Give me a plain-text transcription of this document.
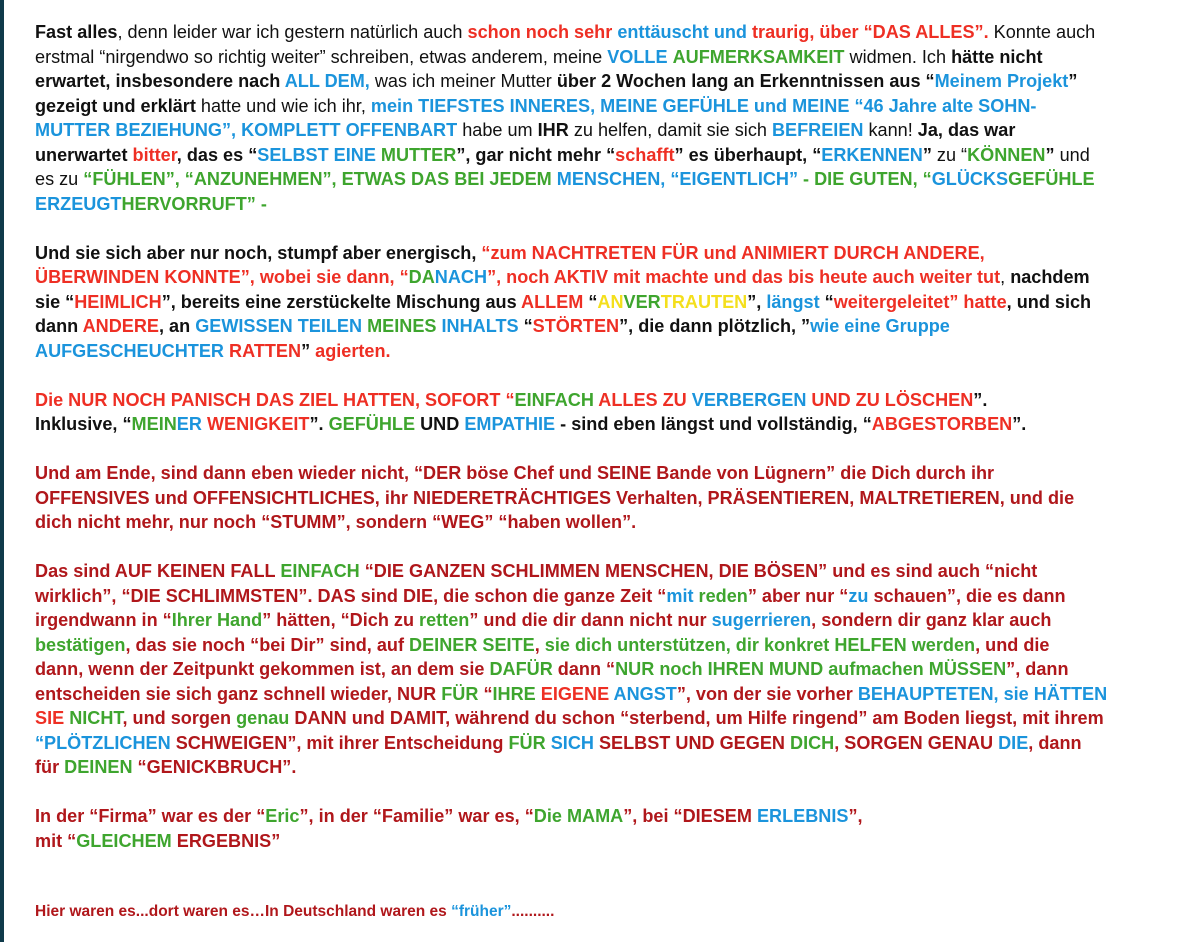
Fast alles, denn leider war ich gestern natürlich auch schon noch sehr enttäuscht und traurig, über “DAS ALLES”. Konnte auch
erstmal “nirgendwo so richtig weiter” schreiben, etwas anderem, meine VOLLE AUFMERKSAMKEIT widmen. Ich hätte nicht
erwartet, insbesondere nach ALL DEM, was ich meiner Mutter über 2 Wochen lang an Erkenntnissen aus “Meinem Projekt”
gezeigt und erklärt hatte und wie ich ihr, mein TIEFSTES INNERES, MEINE GEFÜHLE und MEINE “46 Jahre alte SOHN-
MUTTER BEZIEHUNG”, KOMPLETT OFFENBART habe um IHR zu helfen, damit sie sich BEFREIEN kann! Ja, das war
unerwartet bitter, das es “SELBST EINE MUTTER”, gar nicht mehr “schafft” es überhaupt, “ERKENNEN” zu “KÖNNEN” und
es zu “FÜHLEN”, “ANZUNEHMEN”, ETWAS DAS BEI JEDEM MENSCHEN, “EIGENTLICH” - DIE GUTEN, “GLÜCKSGEFÜHLE
ERZEUGTHERVORRUFT” -

Und sie sich aber nur noch, stumpf aber energisch, “zum NACHTRETEN FÜR und ANIMIERT DURCH ANDERE,
ÜBERWINDEN KONNTE”, wobei sie dann, “DANACH”, noch AKTIV mit machte und das bis heute auch weiter tut, nachdem
sie “HEIMLICH”, bereits eine zerstückelte Mischung aus ALLEM “ANVERTRAUTEN”, längst “weitergeleitet” hatte, und sich
dann ANDERE, an GEWISSEN TEILEN MEINES INHALTS “STÖRTEN”, die dann plötzlich, ”wie eine Gruppe
AUFGESCHEUCHTER RATTEN” agierten.

Die NUR NOCH PANISCH DAS ZIEL HATTEN, SOFORT “EINFACH ALLES ZU VERBERGEN UND ZU LÖSCHEN”.
Inklusive, “MEINER WENIGKEIT”. GEFÜHLE UND EMPATHIE - sind eben längst und vollständig, “ABGESTORBEN”.

Und am Ende, sind dann eben wieder nicht, “DER böse Chef und SEINE Bande von Lügnern” die Dich durch ihr
OFFENSIVES und OFFENSICHTLICHES, ihr NIEDERETRÄCHTIGES Verhalten, PRÄSENTIEREN, MALTRETIEREN, und die
dich nicht mehr, nur noch “STUMM”, sondern “WEG” “haben wollen”.

Das sind AUF KEINEN FALL EINFACH “DIE GANZEN SCHLIMMEN MENSCHEN, DIE BÖSEN” und es sind auch “nicht
wirklich”, “DIE SCHLIMMSTEN”. DAS sind DIE, die schon die ganze Zeit “mit reden” aber nur “zu schauen”, die es dann
irgendwann in “Ihrer Hand” hätten, “Dich zu retten” und die dir dann nicht nur sugerrieren, sondern dir ganz klar auch
bestätigen, das sie noch “bei Dir” sind, auf DEINER SEITE, sie dich unterstützen, dir konkret HELFEN werden, und die
dann, wenn der Zeitpunkt gekommen ist, an dem sie DAFÜR dann “NUR noch IHREN MUND aufmachen MÜSSEN”, dann
entscheiden sie sich ganz schnell wieder, NUR FÜR “IHRE EIGENE ANGST”, von der sie vorher BEHAUPTETEN, sie HÄTTEN
SIE NICHT, und sorgen genau DANN und DAMIT, während du schon “sterbend, um Hilfe ringend” am Boden liegst, mit ihrem
“PLÖTZLICHEN SCHWEIGEN”, mit ihrer Entscheidung FÜR SICH SELBST UND GEGEN DICH, SORGEN GENAU DIE, dann
für DEINEN “GENICKBRUCH”.

In der “Firma” war es der “Eric”, in der “Familie” war es, “Die MAMA”, bei “DIESEM ERLEBNIS”,
mit “GLEICHEM ERGEBNIS”

Hier waren es...dort waren es…In Deutschland waren es “früher”..........
